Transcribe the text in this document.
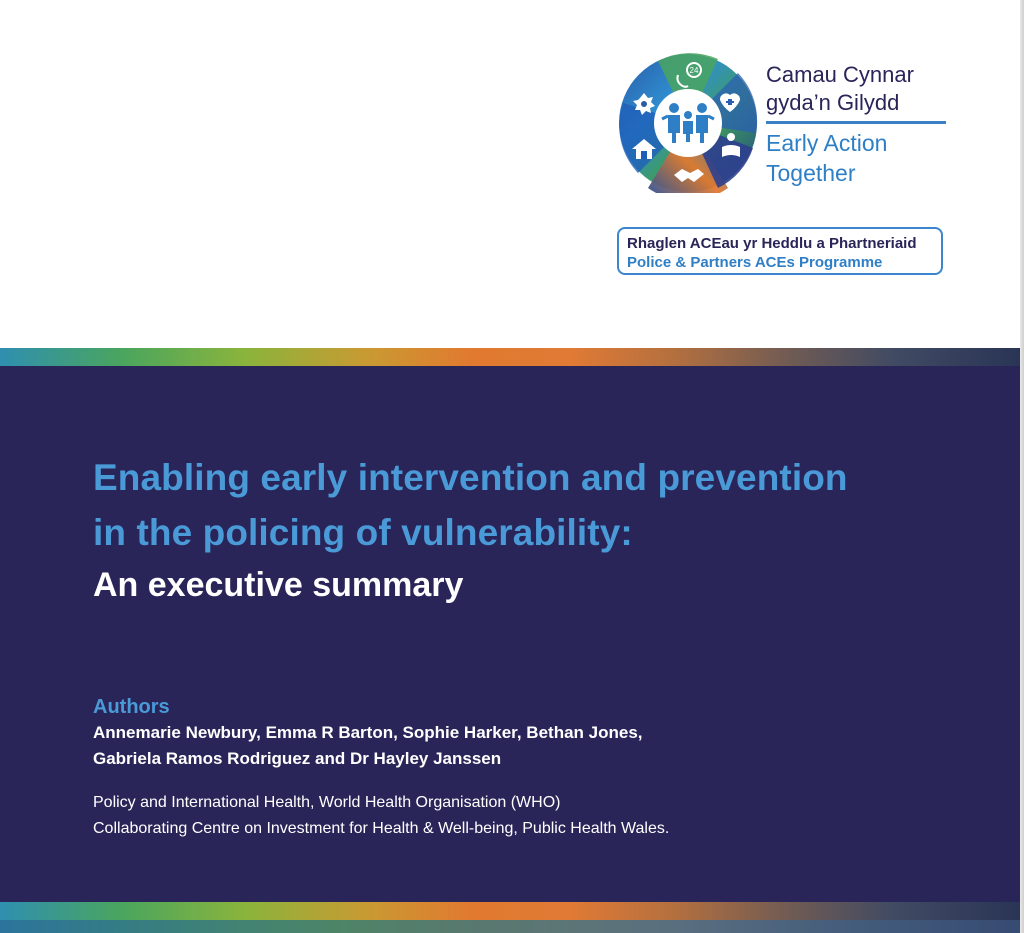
24	Camau Cynnar
gyda’n Gilydd
Early Action
Together
Rhaglen ACEau yr Heddlu a Phartneriaid
Police & Partners ACEs Programme
Enabling early intervention and prevention
in the policing of vulnerability:
An executive summary
Authors
Annemarie Newbury, Emma R Barton, Sophie Harker, Bethan Jones,
Gabriela Ramos Rodriguez and Dr Hayley Janssen
Policy and International Health, World Health Organisation (WHO)
Collaborating Centre on Investment for Health & Well-being, Public Health Wales.
